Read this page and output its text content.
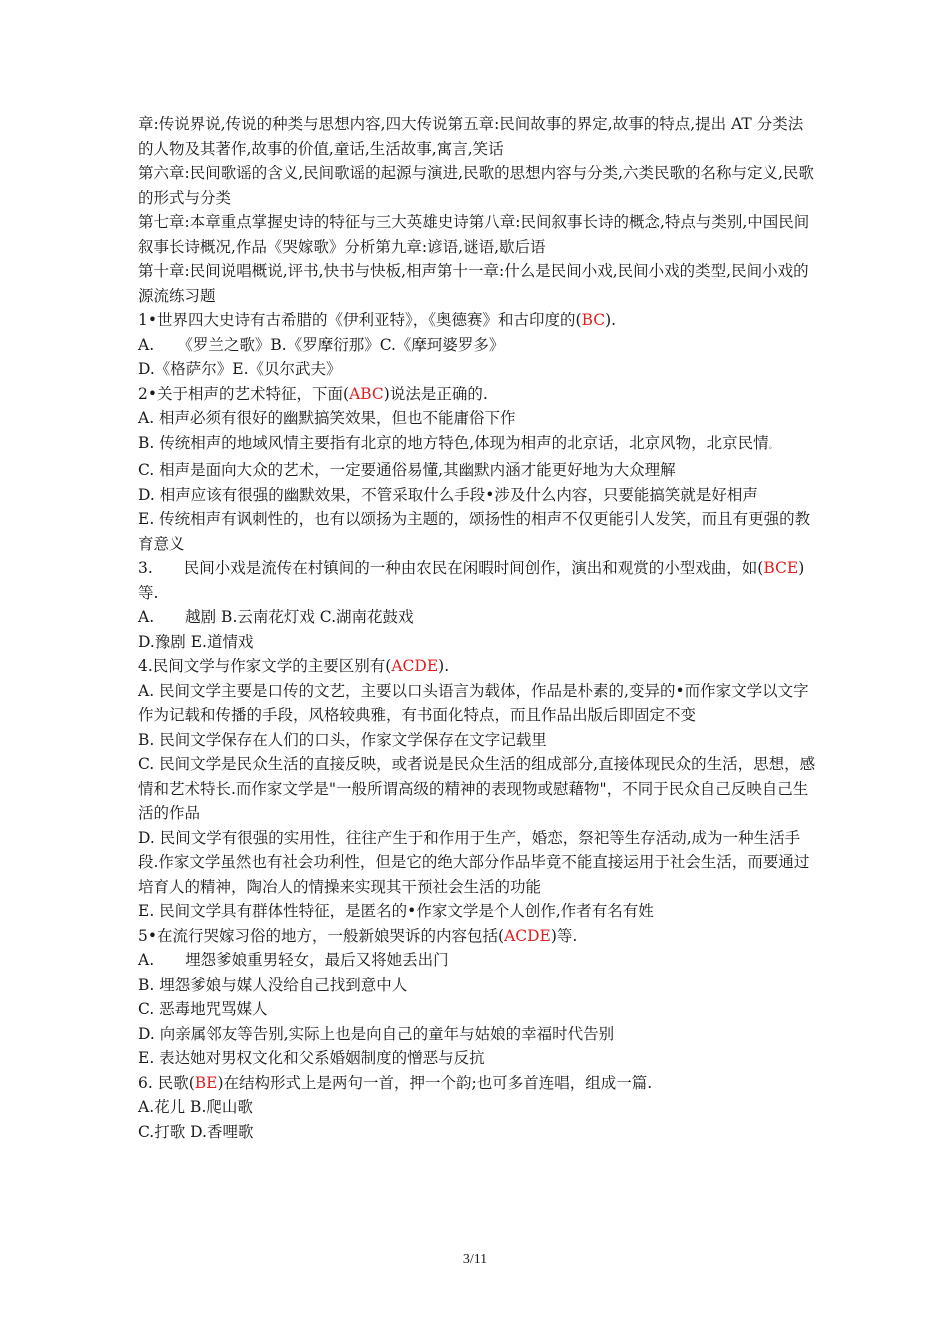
章:传说界说,传说的种类与思想内容,四大传说第五章:民间故事的界定,故事的特点,提出 AT 分类法的人物及其著作,故事的价值,童话,生活故事,寓言,笑话

第六章:民间歌谣的含义,民间歌谣的起源与演进,民歌的思想内容与分类,六类民歌的名称与定义,民歌的形式与分类

第七章:本章重点掌握史诗的特征与三大英雄史诗第八章:民间叙事长诗的概念,特点与类别,中国民间叙事长诗概况,作品《哭嫁歌》分析第九章:谚语,谜语,歇后语

第十章:民间说唱概说,评书,快书与快板,相声第十一章:什么是民间小戏,民间小戏的类型,民间小戏的源流练习题

1•世界四大史诗有古希腊的《伊利亚特》，《奥德赛》和古印度的(BC).

A.　　《罗兰之歌》B.《罗摩衍那》C.《摩珂婆罗多》

D.《格萨尔》E.《贝尔武夫》

2•关于相声的艺术特征，下面(ABC)说法是正确的.

A. 相声必须有很好的幽默搞笑效果，但也不能庸俗下作

B. 传统相声的地域风情主要指有北京的地方特色,体现为相声的北京话，北京风物，北京民情。

C. 相声是面向大众的艺术，一定要通俗易懂,其幽默内涵才能更好地为大众理解

D. 相声应该有很强的幽默效果，不管采取什么手段•涉及什么内容，只要能搞笑就是好相声

E. 传统相声有讽刺性的，也有以颂扬为主题的，颂扬性的相声不仅更能引人发笑，而且有更强的教育意义

3.　　民间小戏是流传在村镇间的一种由农民在闲暇时间创作，演出和观赏的小型戏曲，如(BCE)

等.

A.　　越剧 B.云南花灯戏 C.湖南花鼓戏

D.豫剧 E.道情戏

4.民间文学与作家文学的主要区别有(ACDE).

A. 民间文学主要是口传的文艺，主要以口头语言为载体，作品是朴素的,变异的•而作家文学以文字作为记载和传播的手段，风格较典雅，有书面化特点，而且作品出版后即固定不变

B. 民间文学保存在人们的口头，作家文学保存在文字记载里

C. 民间文学是民众生活的直接反映，或者说是民众生活的组成部分,直接体现民众的生活，思想，感情和艺术特长.而作家文学是"一般所谓高级的精神的表现物或慰藉物"，不同于民众自己反映自己生活的作品

D. 民间文学有很强的实用性，往往产生于和作用于生产，婚恋，祭祀等生存活动,成为一种生活手段.作家文学虽然也有社会功利性，但是它的绝大部分作品毕竟不能直接运用于社会生活，而要通过培育人的精神，陶冶人的情操来实现其干预社会生活的功能

E. 民间文学具有群体性特征，是匿名的•作家文学是个人创作,作者有名有姓

5•在流行哭嫁习俗的地方，一般新娘哭诉的内容包括(ACDE)等.

A.　　埋怨爹娘重男轻女，最后又将她丢出门

B. 埋怨爹娘与媒人没给自己找到意中人

C. 恶毒地咒骂媒人

D. 向亲属邻友等告别,实际上也是向自己的童年与姑娘的幸福时代告别

E. 表达她对男权文化和父系婚姻制度的憎恶与反抗

6. 民歌(BE)在结构形式上是两句一首，押一个韵;也可多首连唱，组成一篇.

A.花儿 B.爬山歌

C.打歌 D.香哩歌

3/11
